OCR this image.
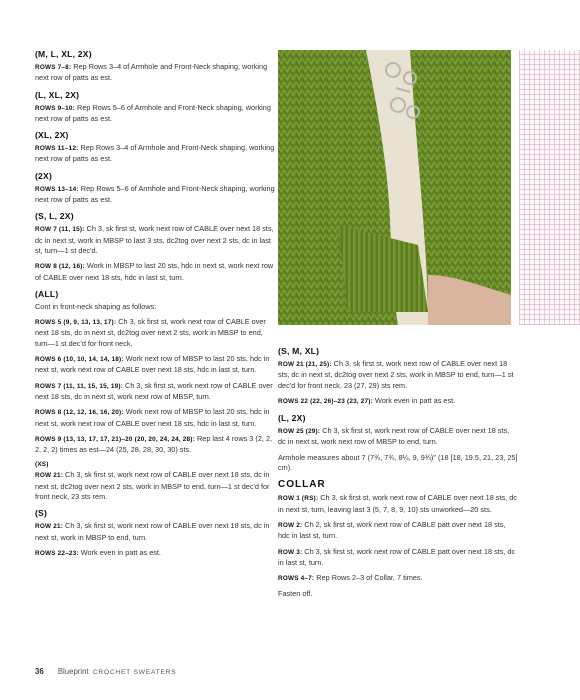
(M, L, XL, 2X)
ROWS 7–8: Rep Rows 3–4 of Armhole and Front-Neck shaping, working next row of patts as est.
(L, XL, 2X)
ROWS 9–10: Rep Rows 5–6 of Armhole and Front-Neck shaping, working next row of patts as est.
(XL, 2X)
ROWS 11–12: Rep Rows 3–4 of Armhole and Front-Neck shaping, working next row of patts as est.
(2X)
ROWS 13–14: Rep Rows 5–6 of Armhole and Front-Neck shaping, working next row of patts as est.
(S, L, 2X)
ROW 7 (11, 15): Ch 3, sk first st, work next row of CABLE over next 18 sts, dc in next st, work in MBSP to last 3 sts, dc2tog over next 2 sts, dc in last st, turn—1 st dec'd.
ROW 8 (12, 16): Work in MBSP to last 20 sts, hdc in next st, work next row of CABLE over next 18 sts, hdc in last st, turn.
(ALL)
Cont in front-neck shaping as follows:
ROWS 5 (9, 9, 13, 13, 17): Ch 3, sk first st, work next row of CABLE over next 18 sts, dc in next st, dc2tog over next 2 sts, work in MBSP to end, turn—1 st dec'd for front neck.
ROWS 6 (10, 10, 14, 14, 18): Work next row of MBSP to last 20 sts, hdc in next st, work next row of CABLE over next 18 sts, hdc in last st, turn.
ROWS 7 (11, 11, 15, 15, 19): Ch 3, sk first st, work next row of CABLE over next 18 sts, dc in next st, work next row of MBSP, turn.
ROWS 8 (12, 12, 16, 16, 20): Work next row of MBSP to last 20 sts, hdc in next st, work next row of CABLE over next 18 sts, hdc in last st, turn.
ROWS 9 (13, 13, 17, 17, 21)–20 (20, 20, 24, 24, 28): Rep last 4 rows 3 (2, 2, 2, 2, 2) times as est—24 (25, 28, 28, 30, 30) sts.
(XS)
ROW 21: Ch 3, sk first st, work next row of CABLE over next 18 sts, dc in next st, dc2tog over next 2 sts, work in MBSP to end, turn—1 st dec'd for front neck, 23 sts rem.
(S)
ROW 21: Ch 3, sk first st, work next row of CABLE over next 18 sts, dc in next st, work in MBSP to end, turn.
ROWS 22–23: Work even in patt as est.
(S, M, XL)
ROW 21 (21, 25): Ch 3, sk first st, work next row of CABLE over next 18 sts, dc in next st, dc2tog over next 2 sts, work in MBSP to end, turn—1 st dec'd for front neck, 23 (27, 29) sts rem.
ROWS 22 (22, 26)–23 (23, 27): Work even in patt as est.
(L, 2X)
ROW 25 (29): Ch 3, sk first st, work next row of CABLE over next 18 sts, dc in next st, work next row of MBSP to end, turn.
Armhole measures about 7 (7¾, 7¾, 8¼, 9, 9¾)" (18 [18, 19.5, 21, 23, 25] cm).
COLLAR
ROW 1 (RS): Ch 3, sk first st, work next row of CABLE over next 18 sts, dc in next st, turn, leaving last 3 (5, 7, 8, 9, 10) sts unworked—20 sts.
ROW 2: Ch 2, sk first st, work next row of CABLE patt over next 18 sts, hdc in last st, turn.
ROW 3: Ch 3, sk first st, work next row of CABLE patt over next 18 sts, dc in last st, turn.
ROWS 4–7: Rep Rows 2–3 of Collar, 7 times.
Fasten off.
36 Blueprint CROCHET SWEATERS
